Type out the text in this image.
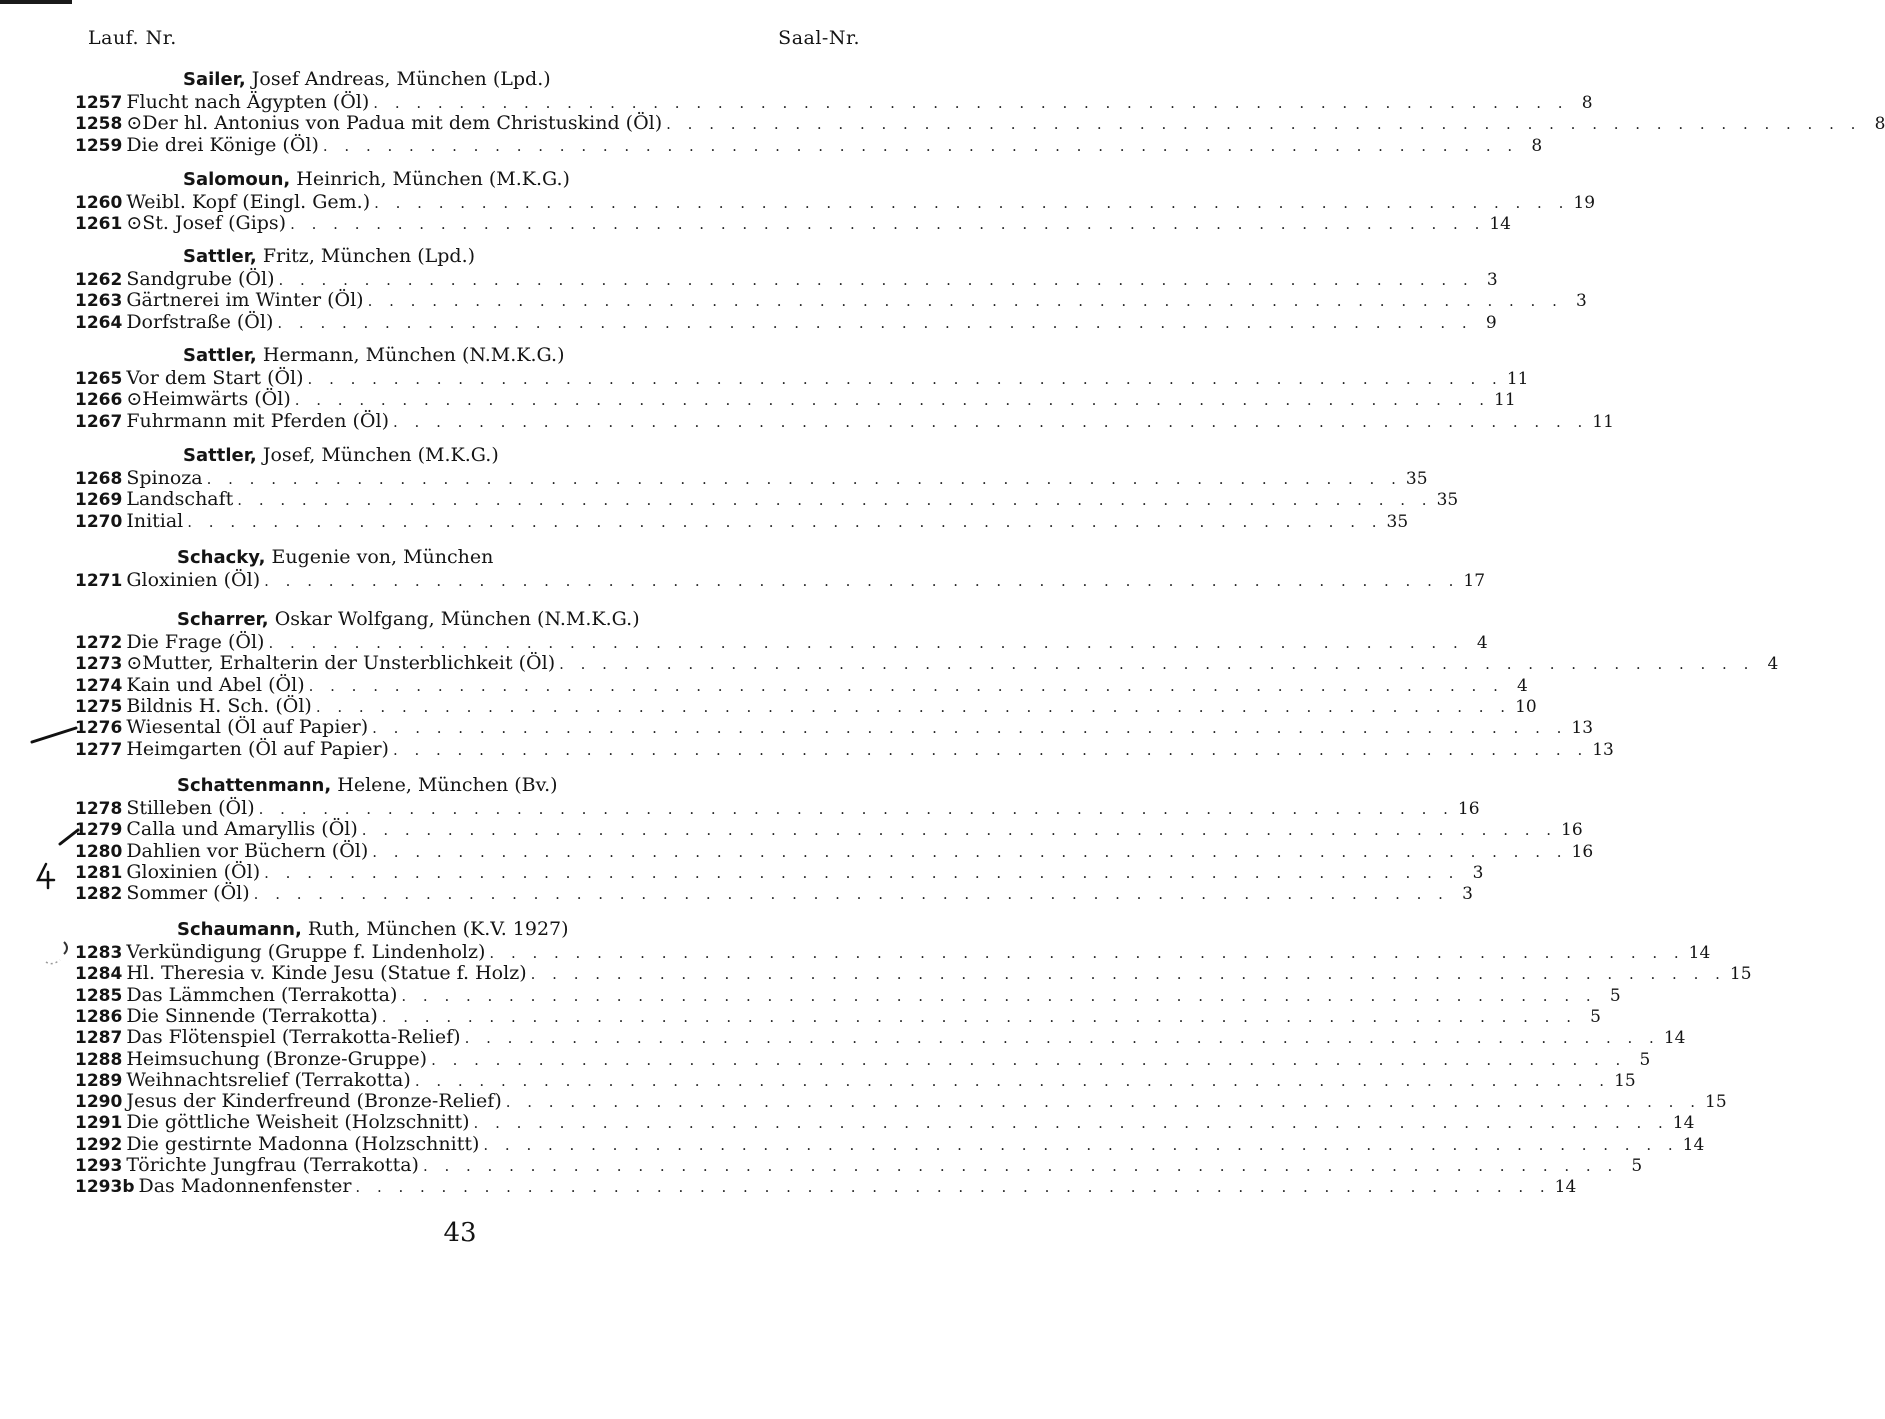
Lauf. Nr.	Saal-Nr.
Sailer, Josef Andreas, München (Lpd.)
1257 Flucht nach Ägypten (Öl) . . . . . . . . . . . . . . . . . . . . . . . . . . . . . . . . . . . . . . . . . . . . . . . . . . . . . . . . 8
1258 ⊙Der hl. Antonius von Padua mit dem Christuskind (Öl) . . . . . . . . . . . . . . . . . . . . . . . . . . . . . . . . . . . . . . . . . . . . . . . . . . . . . . . . 8
1259 Die drei Könige (Öl) . . . . . . . . . . . . . . . . . . . . . . . . . . . . . . . . . . . . . . . . . . . . . . . . . . . . . . . . 8
Salomoun, Heinrich, München (M.K.G.)
1260 Weibl. Kopf (Eingl. Gem.) . . . . . . . . . . . . . . . . . . . . . . . . . . . . . . . . . . . . . . . . . . . . . . . . . . . . . . . . 19
1261 ⊙St. Josef (Gips) . . . . . . . . . . . . . . . . . . . . . . . . . . . . . . . . . . . . . . . . . . . . . . . . . . . . . . . . 14
Sattler, Fritz, München (Lpd.)
1262 Sandgrube (Öl) . . . . . . . . . . . . . . . . . . . . . . . . . . . . . . . . . . . . . . . . . . . . . . . . . . . . . . . . 3
1263 Gärtnerei im Winter (Öl) . . . . . . . . . . . . . . . . . . . . . . . . . . . . . . . . . . . . . . . . . . . . . . . . . . . . . . . . 3
1264 Dorfstraße (Öl) . . . . . . . . . . . . . . . . . . . . . . . . . . . . . . . . . . . . . . . . . . . . . . . . . . . . . . . . 9
Sattler, Hermann, München (N.M.K.G.)
1265 Vor dem Start (Öl) . . . . . . . . . . . . . . . . . . . . . . . . . . . . . . . . . . . . . . . . . . . . . . . . . . . . . . . . 11
1266 ⊙Heimwärts (Öl) . . . . . . . . . . . . . . . . . . . . . . . . . . . . . . . . . . . . . . . . . . . . . . . . . . . . . . . . 11
1267 Fuhrmann mit Pferden (Öl) . . . . . . . . . . . . . . . . . . . . . . . . . . . . . . . . . . . . . . . . . . . . . . . . . . . . . . . . 11
Sattler, Josef, München (M.K.G.)
1268 Spinoza . . . . . . . . . . . . . . . . . . . . . . . . . . . . . . . . . . . . . . . . . . . . . . . . . . . . . . . . 35
1269 Landschaft . . . . . . . . . . . . . . . . . . . . . . . . . . . . . . . . . . . . . . . . . . . . . . . . . . . . . . . . 35
1270 Initial . . . . . . . . . . . . . . . . . . . . . . . . . . . . . . . . . . . . . . . . . . . . . . . . . . . . . . . . 35
Schacky, Eugenie von, München
1271 Gloxinien (Öl) . . . . . . . . . . . . . . . . . . . . . . . . . . . . . . . . . . . . . . . . . . . . . . . . . . . . . . . . 17
Scharrer, Oskar Wolfgang, München (N.M.K.G.)
1272 Die Frage (Öl) . . . . . . . . . . . . . . . . . . . . . . . . . . . . . . . . . . . . . . . . . . . . . . . . . . . . . . . . 4
1273 ⊙Mutter, Erhalterin der Unsterblichkeit (Öl) . . . . . . . . . . . . . . . . . . . . . . . . . . . . . . . . . . . . . . . . . . . . . . . . . . . . . . . . 4
1274 Kain und Abel (Öl) . . . . . . . . . . . . . . . . . . . . . . . . . . . . . . . . . . . . . . . . . . . . . . . . . . . . . . . . 4
1275 Bildnis H. Sch. (Öl) . . . . . . . . . . . . . . . . . . . . . . . . . . . . . . . . . . . . . . . . . . . . . . . . . . . . . . . . 10
1276 Wiesental (Öl auf Papier) . . . . . . . . . . . . . . . . . . . . . . . . . . . . . . . . . . . . . . . . . . . . . . . . . . . . . . . . 13
1277 Heimgarten (Öl auf Papier) . . . . . . . . . . . . . . . . . . . . . . . . . . . . . . . . . . . . . . . . . . . . . . . . . . . . . . . . 13
Schattenmann, Helene, München (Bv.)
1278 Stilleben (Öl) . . . . . . . . . . . . . . . . . . . . . . . . . . . . . . . . . . . . . . . . . . . . . . . . . . . . . . . . 16
1279 Calla und Amaryllis (Öl) . . . . . . . . . . . . . . . . . . . . . . . . . . . . . . . . . . . . . . . . . . . . . . . . . . . . . . . . 16
1280 Dahlien vor Büchern (Öl) . . . . . . . . . . . . . . . . . . . . . . . . . . . . . . . . . . . . . . . . . . . . . . . . . . . . . . . . 16
1281 Gloxinien (Öl) . . . . . . . . . . . . . . . . . . . . . . . . . . . . . . . . . . . . . . . . . . . . . . . . . . . . . . . . 3
1282 Sommer (Öl) . . . . . . . . . . . . . . . . . . . . . . . . . . . . . . . . . . . . . . . . . . . . . . . . . . . . . . . . 3
Schaumann, Ruth, München (K.V. 1927)
1283 Verkündigung (Gruppe f. Lindenholz) . . . . . . . . . . . . . . . . . . . . . . . . . . . . . . . . . . . . . . . . . . . . . . . . . . . . . . . . 14
1284 Hl. Theresia v. Kinde Jesu (Statue f. Holz) . . . . . . . . . . . . . . . . . . . . . . . . . . . . . . . . . . . . . . . . . . . . . . . . . . . . . . . . 15
1285 Das Lämmchen (Terrakotta) . . . . . . . . . . . . . . . . . . . . . . . . . . . . . . . . . . . . . . . . . . . . . . . . . . . . . . . . 5
1286 Die Sinnende (Terrakotta) . . . . . . . . . . . . . . . . . . . . . . . . . . . . . . . . . . . . . . . . . . . . . . . . . . . . . . . . 5
1287 Das Flötenspiel (Terrakotta-Relief) . . . . . . . . . . . . . . . . . . . . . . . . . . . . . . . . . . . . . . . . . . . . . . . . . . . . . . . . 14
1288 Heimsuchung (Bronze-Gruppe) . . . . . . . . . . . . . . . . . . . . . . . . . . . . . . . . . . . . . . . . . . . . . . . . . . . . . . . . 5
1289 Weihnachtsrelief (Terrakotta) . . . . . . . . . . . . . . . . . . . . . . . . . . . . . . . . . . . . . . . . . . . . . . . . . . . . . . . . 15
1290 Jesus der Kinderfreund (Bronze-Relief) . . . . . . . . . . . . . . . . . . . . . . . . . . . . . . . . . . . . . . . . . . . . . . . . . . . . . . . . 15
1291 Die göttliche Weisheit (Holzschnitt) . . . . . . . . . . . . . . . . . . . . . . . . . . . . . . . . . . . . . . . . . . . . . . . . . . . . . . . . 14
1292 Die gestirnte Madonna (Holzschnitt) . . . . . . . . . . . . . . . . . . . . . . . . . . . . . . . . . . . . . . . . . . . . . . . . . . . . . . . . 14
1293 Törichte Jungfrau (Terrakotta) . . . . . . . . . . . . . . . . . . . . . . . . . . . . . . . . . . . . . . . . . . . . . . . . . . . . . . . . 5
1293b Das Madonnenfenster . . . . . . . . . . . . . . . . . . . . . . . . . . . . . . . . . . . . . . . . . . . . . . . . . . . . . . . . 14
43
